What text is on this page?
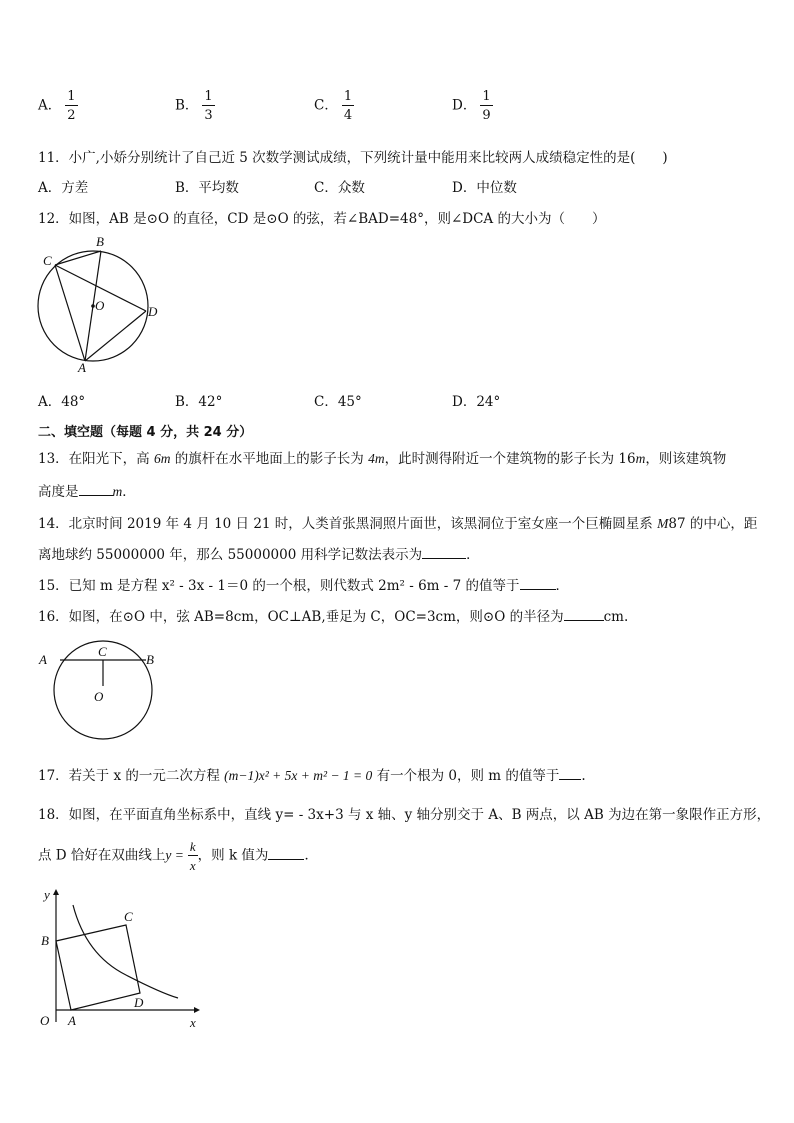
A． $\frac{1}{2}$	B． $\frac{1}{3}$	C． $\frac{1}{4}$	D． $\frac{1}{9}$
11．小广,小娇分别统计了自己近 5 次数学测试成绩，下列统计量中能用来比较两人成绩稳定性的是(　　)
A．方差	B．平均数	C．众数	D．中位数
12．如图，AB 是⊙O 的直径，CD 是⊙O 的弦，若∠BAD=48°，则∠DCA 的大小为（　　）
B
C
O	D
A
A．48°	B．42°	C．45°	D．24°
二、填空题（每题 4 分，共 24 分）
13．在阳光下，高 6m 的旗杆在水平地面上的影子长为 4m，此时测得附近一个建筑物的影子长为 16m，则该建筑物
高度是	m．
14．北京时间 2019 年 4 月 10 日 21 时，人类首张黑洞照片面世，该黑洞位于室女座一个巨椭圆星系 M87 的中心，距
离地球约 55000000 年，那么 55000000 用科学记数法表示为	．
15．已知 m 是方程 x² - 3x - 1＝0 的一个根，则代数式 2m² - 6m - 7 的值等于	．
16．如图，在⊙O 中，弦 AB=8cm，OC⊥AB,垂足为 C，OC=3cm，则⊙O 的半径为	cm.
A
C
B
O
17．若关于 x 的一元二次方程 (m−1)x² + 5x + m² − 1 = 0 有一个根为 0，则 m 的值等于 .
18．如图，在平面直角坐标系中，直线 y= - 3x+3 与 x 轴、y 轴分别交于 A、B 两点，以 AB 为边在第一象限作正方形，
点 D 恰好在双曲线上$y = \frac{k}{x}$ ，则 k 值为	．
y
O A
B
C
D
x
